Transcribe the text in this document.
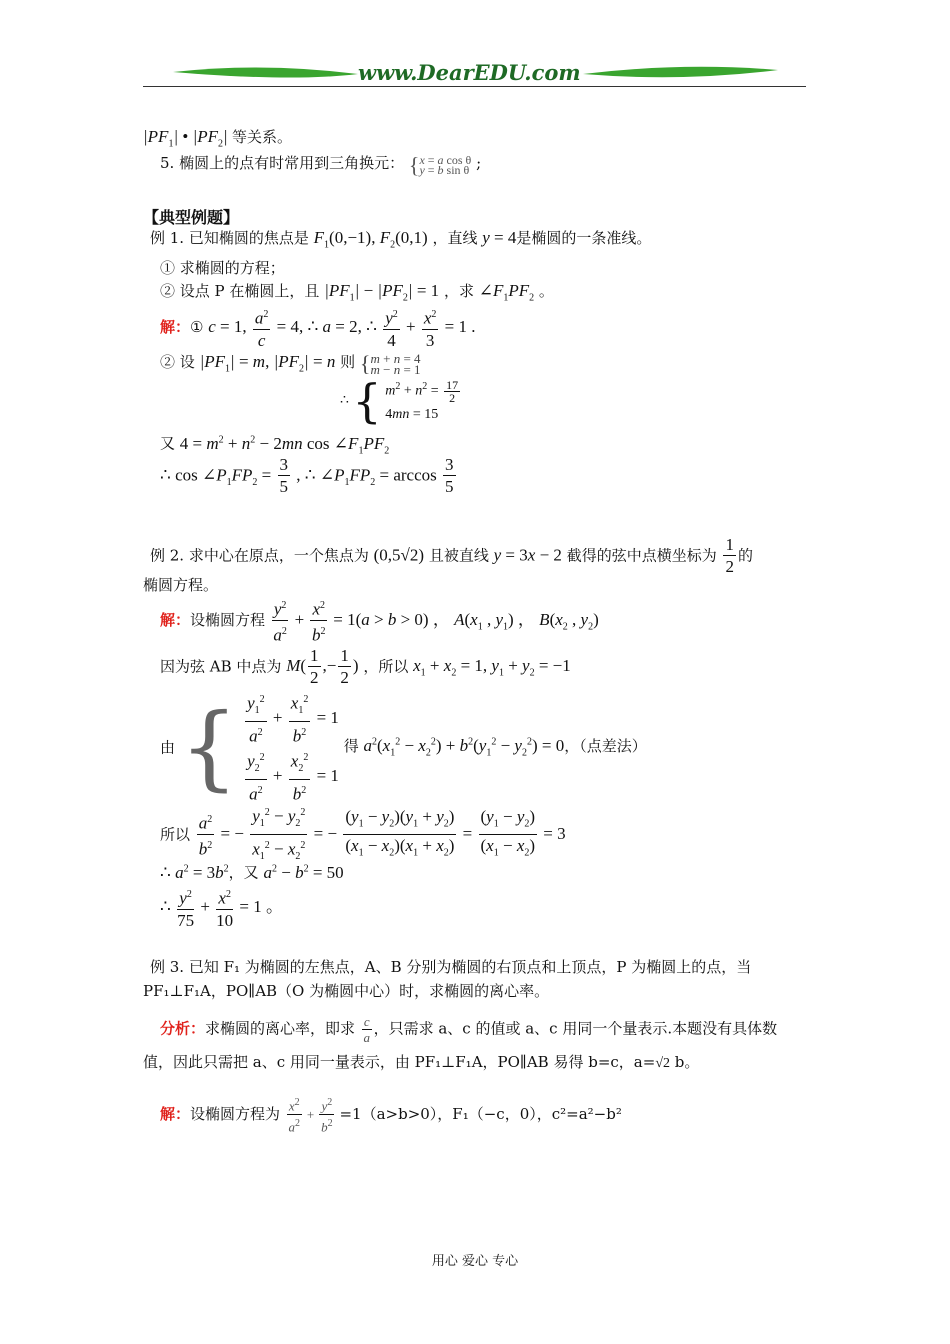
www.DearEDU.com
$|PF_1|$ • $|PF_2|$ 等关系。
5. 椭圆上的点有时常用到三角换元： {x = a cos θ
y = b sin θ ;
【典型例题】
例 1. 已知椭圆的焦点是 $F_1(0,-1)$, $F_2(0,1)$ ，直线 y = 4是椭圆的一条准线。
① 求椭圆的方程；
② 设点 P 在椭圆上，且 $|PF_1| - |PF_2| = 1$ ，求 $\angle F_1PF_2$ 。
解：① c = 1, $\frac{a^2}{c} = 4$, ∴ a = 2, ∴ $\frac{y^2}{4} + \frac{x^2}{3} = 1$ .
② 设 $|PF_1| = m$, $|PF_2| = n$ 则 {m + n = 4
m − n = 1
∴ { $m^2 + n^2 = \frac{17}{2}$

4mn = 15
又 $4 = m^2 + n^2 - 2mn$ $\cos \angle F_1PF_2$
∴ $\cos \angle P_1FP_2 = \frac{3}{5}$ , ∴ $\angle P_1FP_2 = \arccos \frac{3}{5}$
例 2. 求中心在原点，一个焦点为 (0,5√2) 且被直线 y = 3x − 2 截得的弦中点横坐标为 $\frac{1}{2}$ 的
椭圆方程。
解：设椭圆方程 $\frac{y^2}{a^2} + \frac{x^2}{b^2} = 1(a > b > 0)$ ， $A(x_1$ , $y_1$) ， $B(x_2$ , $y_2$)
因为弦 AB 中点为 $M( \frac{1}{2}$ ,− $\frac{1}{2}$ ) ，所以 $x_1 + x_2 = 1$, $y_1 + y_2 = -1$
由 { $\frac{y_1^2}{a^2} + \frac{x_1^2}{b^2} = 1$

$\frac{y_2^2}{a^2} + \frac{x_2^2}{b^2} = 1$ 得 $a^2(x_1^2 - x_2^2) + b^2(y_1^2 - y_2^2) = 0$，（点差法）
所以 $\frac{a^2}{b^2}$ = − $\frac{y_1^2 - y_2^2}{x_1^2 - x_2^2}$ = − $\frac{(y_1 - y_2)(y_1 + y_2)}{(x_1 - x_2)(x_1 + x_2)} = \frac{(y_1 - y_2)}{(x_1 - x_2)} = 3$
∴ $a^2 = 3b^2$，又 $a^2 - b^2 = 50$
∴ $\frac{y^2}{75} + \frac{x^2}{10} = 1$ 。
例 3. 已知 F₁ 为椭圆的左焦点，A、B 分别为椭圆的右顶点和上顶点，P 为椭圆上的点，当
PF₁⊥F₁A，PO∥AB（O 为椭圆中心）时，求椭圆的离心率。
分析：求椭圆的离心率，即求 $\frac{c}{a}$ ，只需求 a、c 的值或 a、c 用同一个量表示.本题没有具体数
值，因此只需把 a、c 用同一量表示，由 PF₁⊥F₁A，PO∥AB 易得 b=c，a=√2 b。
解：设椭圆方程为 $\frac{x^2}{a^2} + \frac{y^2}{b^2} =1(a>b>0)$，F₁（−c，0），c²=a²−b²
用心 爱心 专心
